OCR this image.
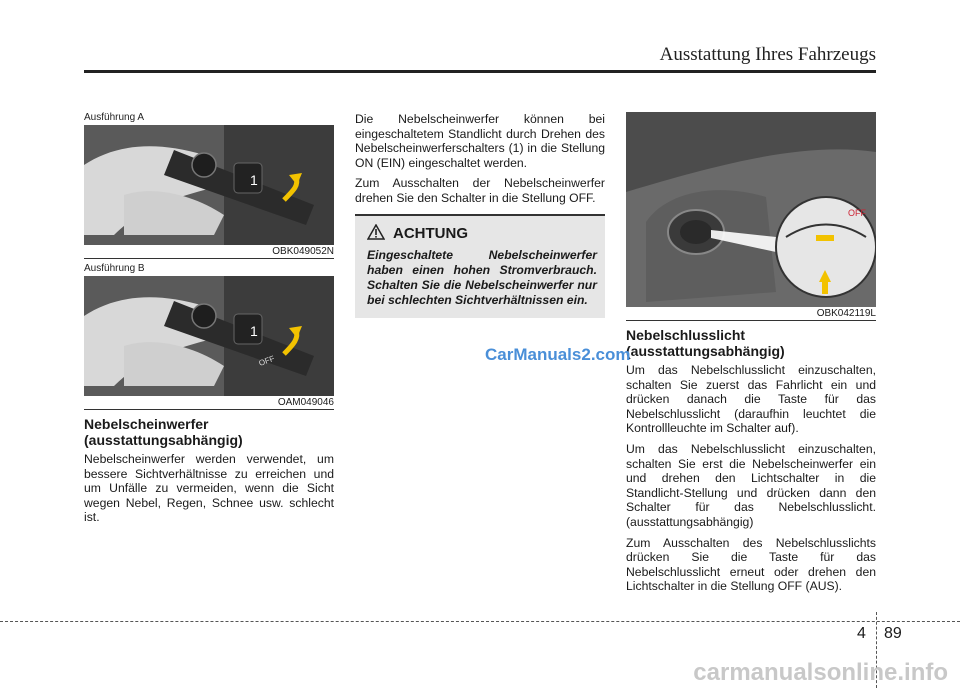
Ausstattung Ihres Fahrzeugs
Ausführung A
1
OBK049052N
Ausführung B
1
OFF
OAM049046
Nebelscheinwerfer
(ausstattungsabhängig)

Nebelscheinwerfer werden verwendet, um bessere Sichtverhältnisse zu erreichen und um Unfälle zu vermeiden, wenn die Sicht wegen Nebel, Regen, Schnee usw. schlecht ist.

Die Nebelscheinwerfer können bei eingeschaltetem Standlicht durch Drehen des Nebelscheinwerferschalters (1) in die Stellung ON (EIN) eingeschaltet werden.

Zum Ausschalten der Nebelscheinwerfer drehen Sie den Schalter in die Stellung OFF.

ACHTUNG
Eingeschaltete Nebelscheinwerfer haben einen hohen Stromverbrauch. Schalten Sie die Nebelscheinwerfer nur bei schlechten Sichtverhältnissen ein.
OFF
OBK042119L
Nebelschlusslicht
(ausstattungsabhängig)

Um das Nebelschlusslicht einzuschalten, schalten Sie zuerst das Fahrlicht ein und drücken danach die Taste für das Nebelschlusslicht (daraufhin leuchtet die Kontrollleuchte im Schalter auf).

Um das Nebelschlusslicht einzuschalten, schalten Sie erst die Nebelscheinwerfer ein und drehen den Lichtschalter in die Standlicht-Stellung und drücken dann den Schalter für das Nebelschlusslicht. (ausstattungsabhängig)

Zum Ausschalten des Nebelschlusslichts drücken Sie die Taste für das Nebelschlusslicht erneut oder drehen den Lichtschalter in die Stellung OFF (AUS).

CarManuals2.com
4 89
carmanualsonline.info
